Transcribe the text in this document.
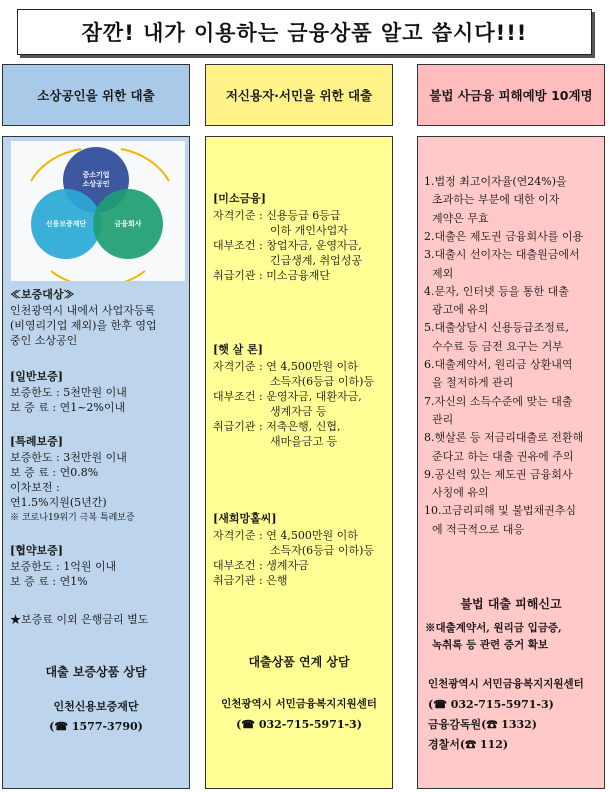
잠깐! 내가 이용하는 금융상품 알고 씁시다!!!
소상공인을 위한 대출
중소기업
소상공인
신용보증재단	금융회사
≪보증대상≫
인천광역시 내에서 사업자등록
(비영리기업 제외)을 한후 영업
중인 소상공인
[일반보증]
보증한도 : 5천만원 이내
보 증 료 : 연1~2%이내
[특례보증]
보증한도 : 3천만원 이내
보 증 료 : 연0.8%
이차보전 :
연1.5%지원(5년간)
※ 코로나19위기 극복 특례보증
[협약보증]
보증한도 : 1억원 이내
보 증 료 : 연1%
★보증료 이외 은행금리 별도
대출 보증상품 상담
인천신용보증재단
(☎ 1577-3790)
저신용자·서민을 위한 대출
[미소금융]
자격기준 : 신용등급 6등급
이하 개인사업자
대부조건 : 창업자금, 운영자금,
긴급생계, 취업성공
취급기관 : 미소금융재단
[햇 살 론]
자격기준 : 연 4,500만원 이하
소득자(6등급 이하)등
대부조건 : 운영자금, 대환자금,
생계자금 등
취급기관 : 저축은행, 신협,
새마을금고 등
[새희망홀씨]
자격기준 : 연 4,500만원 이하
소득자(6등급 이하)등
대부조건 : 생계자금
취급기관 : 은행
대출상품 연계 상담
인천광역시 서민금융복지지원센터
(☎ 032-715-5971-3)
불법 사금융 피해예방 10계명
불법 대출 피해신고
※대출계약서, 원리금 입금증,
녹취록 등 관련 증거 확보
인천광역시 서민금융복지지원센터
(☎ 032-715-5971-3)
금융감독원(☎ 1332)
경찰서(☎ 112)
1.법정 최고이자율(연24%)을
초과하는 부분에 대한 이자
계약은 무효
2.대출은 제도권 금융회사를 이용
3.대출시 선이자는 대출원금에서
제외
4.문자, 인터넷 등을 통한 대출
광고에 유의
5.대출상담시 신용등급조정료,
수수료 등 금전 요구는 거부
6.대출계약서, 원리금 상환내역
을 철저하게 관리
7.자신의 소득수준에 맞는 대출
관리
8.햇살론 등 저금리대출로 전환해
준다고 하는 대출 권유에 주의
9.공신력 있는 제도권 금융회사
사칭에 유의
10.고금리피해 및 불법채권추심
에 적극적으로 대응
